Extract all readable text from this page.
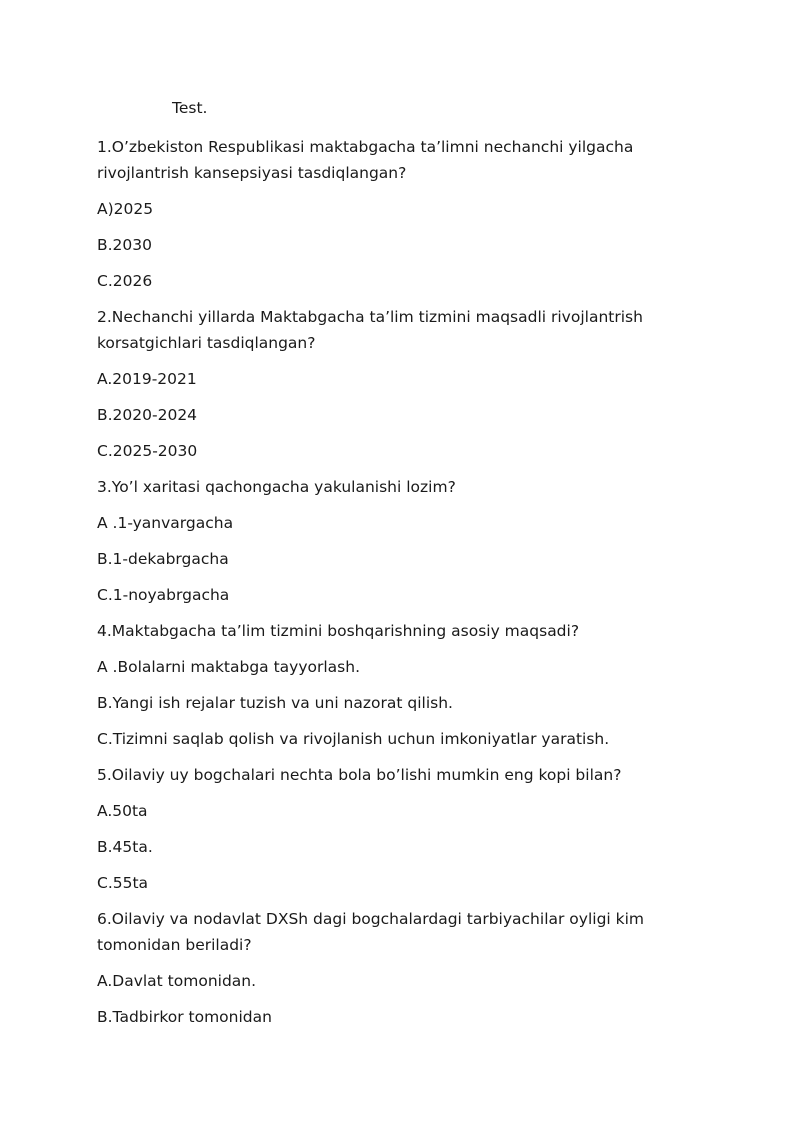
Test.

1.O’zbekiston Respublikasi maktabgacha ta’limni nechanchi yilgacha rivojlantrish kansepsiyasi tasdiqlangan?

A)2025

B.2030

C.2026

2.Nechanchi yillarda Maktabgacha ta’lim tizmini maqsadli rivojlantrish korsatgichlari tasdiqlangan?

A.2019-2021

B.2020-2024

C.2025-2030

3.Yo’l xaritasi qachongacha yakulanishi lozim?

A .1-yanvargacha

B.1-dekabrgacha

C.1-noyabrgacha

4.Maktabgacha ta’lim tizmini boshqarishning asosiy maqsadi?

A .Bolalarni maktabga tayyorlash.

B.Yangi ish rejalar tuzish va uni nazorat qilish.

C.Tizimni saqlab qolish va rivojlanish uchun imkoniyatlar yaratish.

5.Oilaviy uy bogchalari nechta bola bo’lishi mumkin eng kopi bilan?

A.50ta

B.45ta.

C.55ta

6.Oilaviy va nodavlat DXSh dagi bogchalardagi tarbiyachilar oyligi kim tomonidan beriladi?

A.Davlat tomonidan.

B.Tadbirkor tomonidan
